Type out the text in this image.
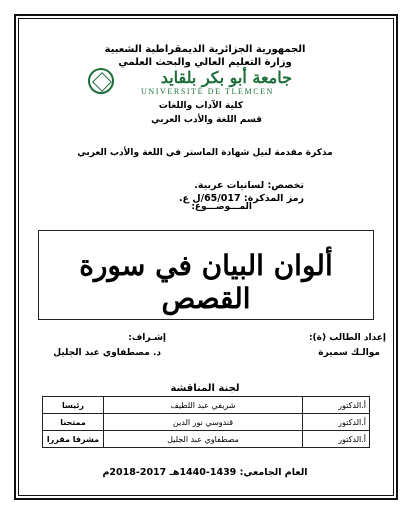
الجمهورية الجزائرية الديمقراطية الشعبية
وزارة التعليم العالي والبحث العلمي
جامعة أبو بكر بلقايد
UNIVERSITÉ DE TLEMCEN
كلية الآداب واللغات
قسم اللغة والأدب العربي
مذكرة مقدمة لنيل شهادة الماستر في اللغة والأدب العربي
تخصص: لسانيات عربية.
رمز المذكرة: 65/017/ل ع.
المـــوضـــوع:
ألوان البيان في سورة القصص
إعداد الطالب (ة):
موالـك سميرة
إشـراف:
د. مصطفاوي عبد الجليل
لجنة المناقشة
أ.الدكتور	شريفي عبد اللطيف	رئيسا
أ.الدكتور	قندوسي نور الدين	ممتحنا
أ.الدكتور	مصطفاوي عبد الجليل	مشرفا مقررا
العام الجامعي: 1439-1440هـ 2017-2018م
